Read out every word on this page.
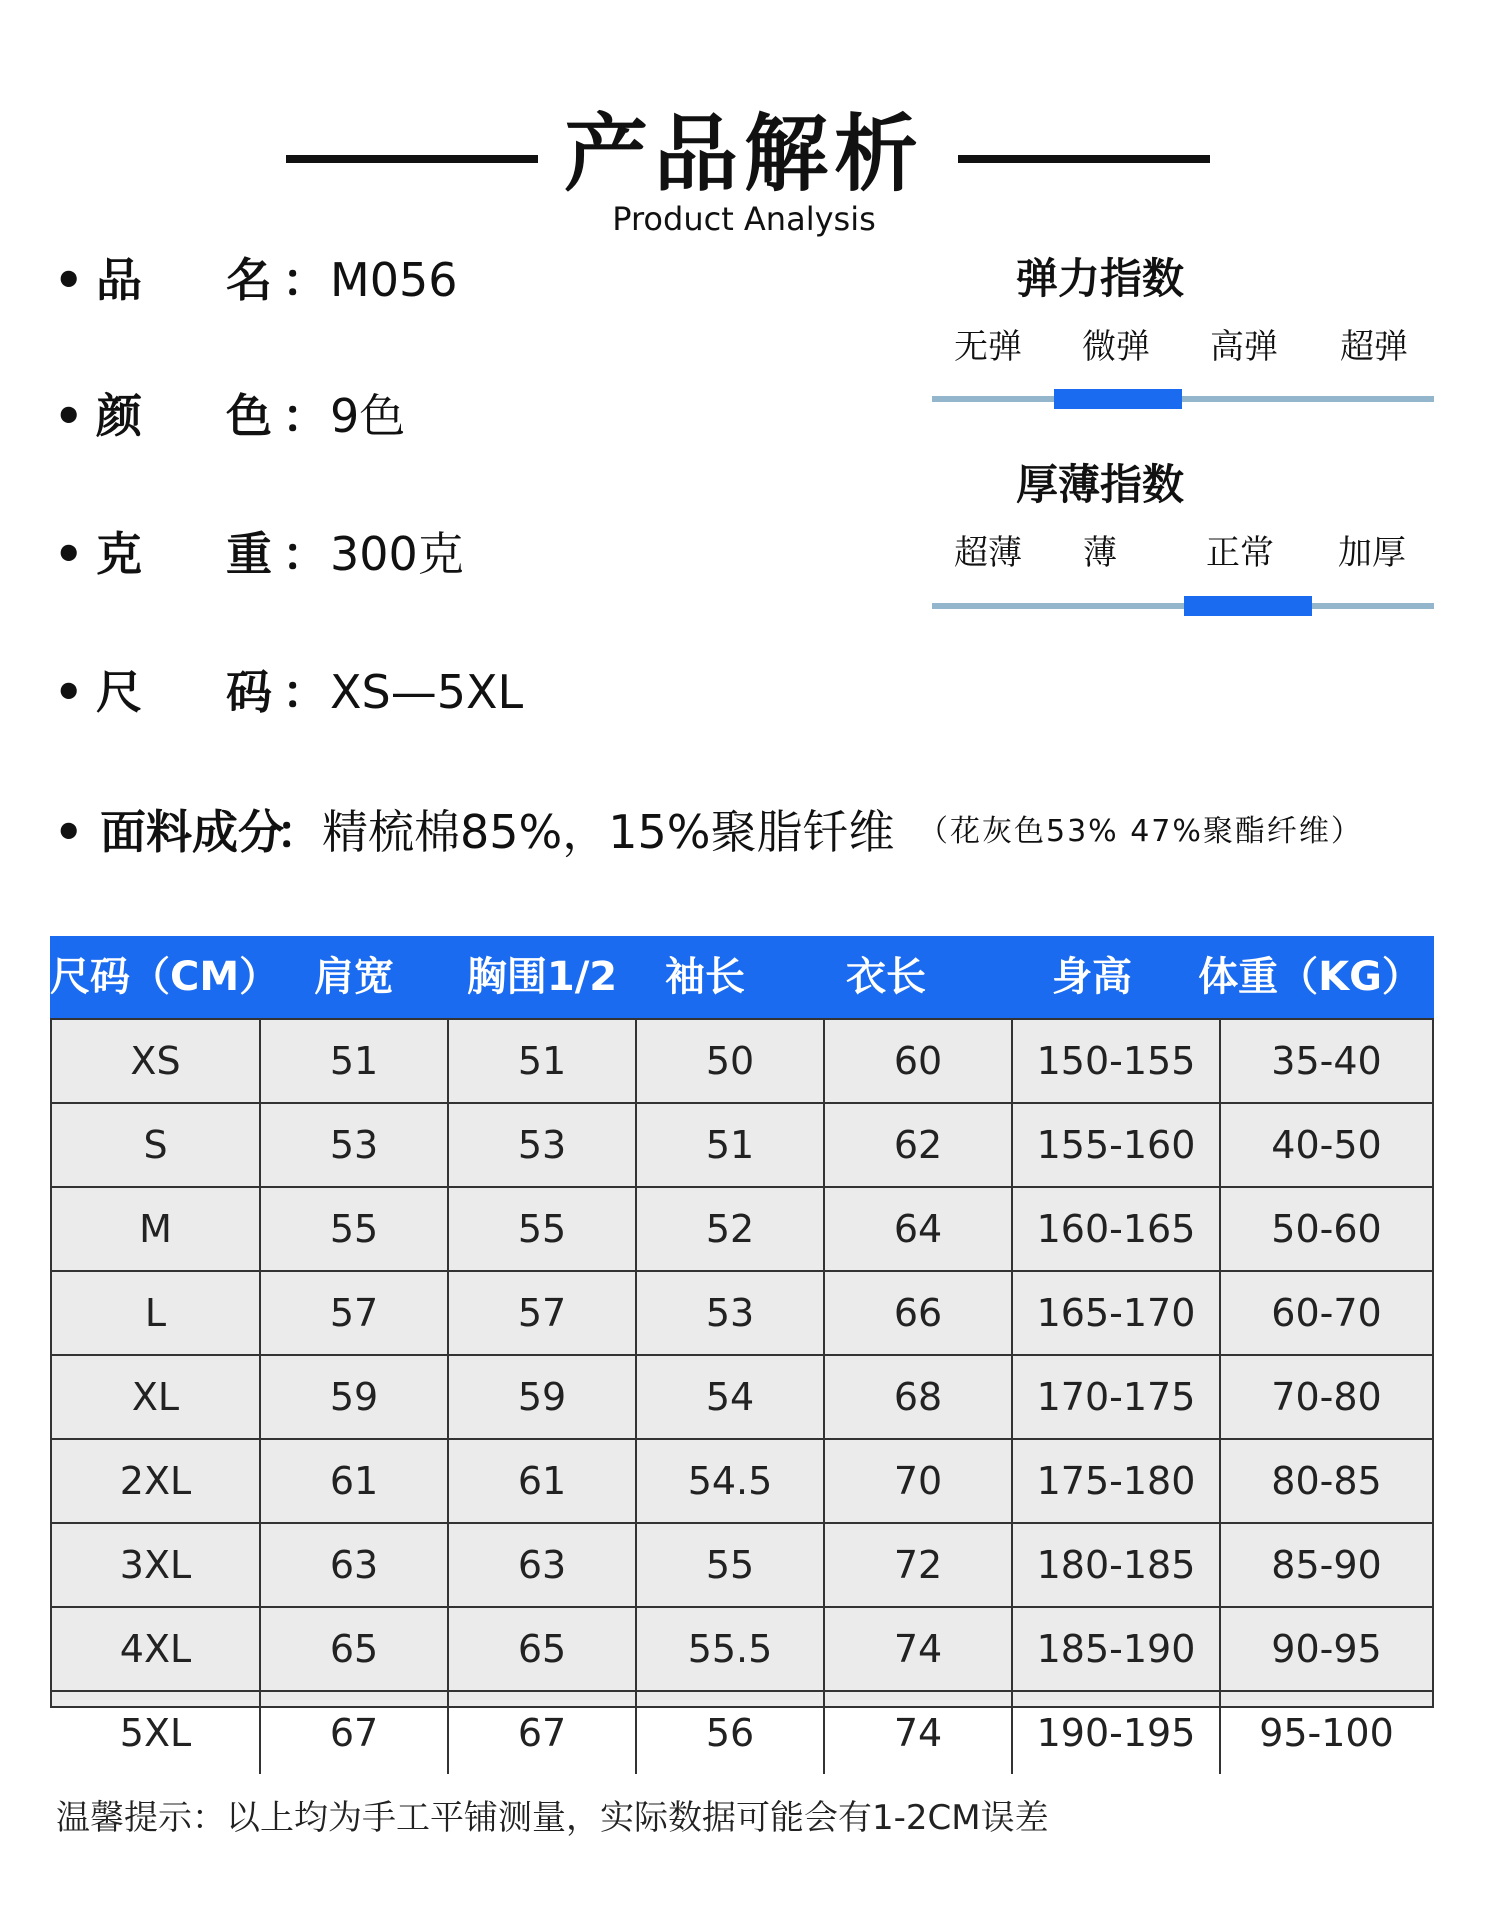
产品解析
Product Analysis
• 品 名 ： M056
• 颜 色 ： 9色
• 克 重 ： 300克
• 尺 码 ： XS—5XL
• 面料成分
： 精梳棉85%，15%聚脂钎维 （花灰色53% 47%聚酯纤维）
弹力指数
无弹	微弹	高弹	超弹
厚薄指数
超薄	薄	正常	加厚
尺码（CM） 肩宽	胸围1/2	袖长	衣长	身高	体重（KG）
XS	51	51	50	60	150-155	35-40
S	53	53	51	62	155-160	40-50
M	55	55	52	64	160-165	50-60
L	57	57	53	66	165-170	60-70
XL	59	59	54	68	170-175	70-80
2XL	61	61	54.5	70	175-180	80-85
3XL	63	63	55	72	180-185	85-90
4XL	65	65	55.5	74	185-190	90-95
5XL	67	67	56	74	190-195	95-100
温馨提示：以上均为手工平铺测量，实际数据可能会有1-2CM误差
